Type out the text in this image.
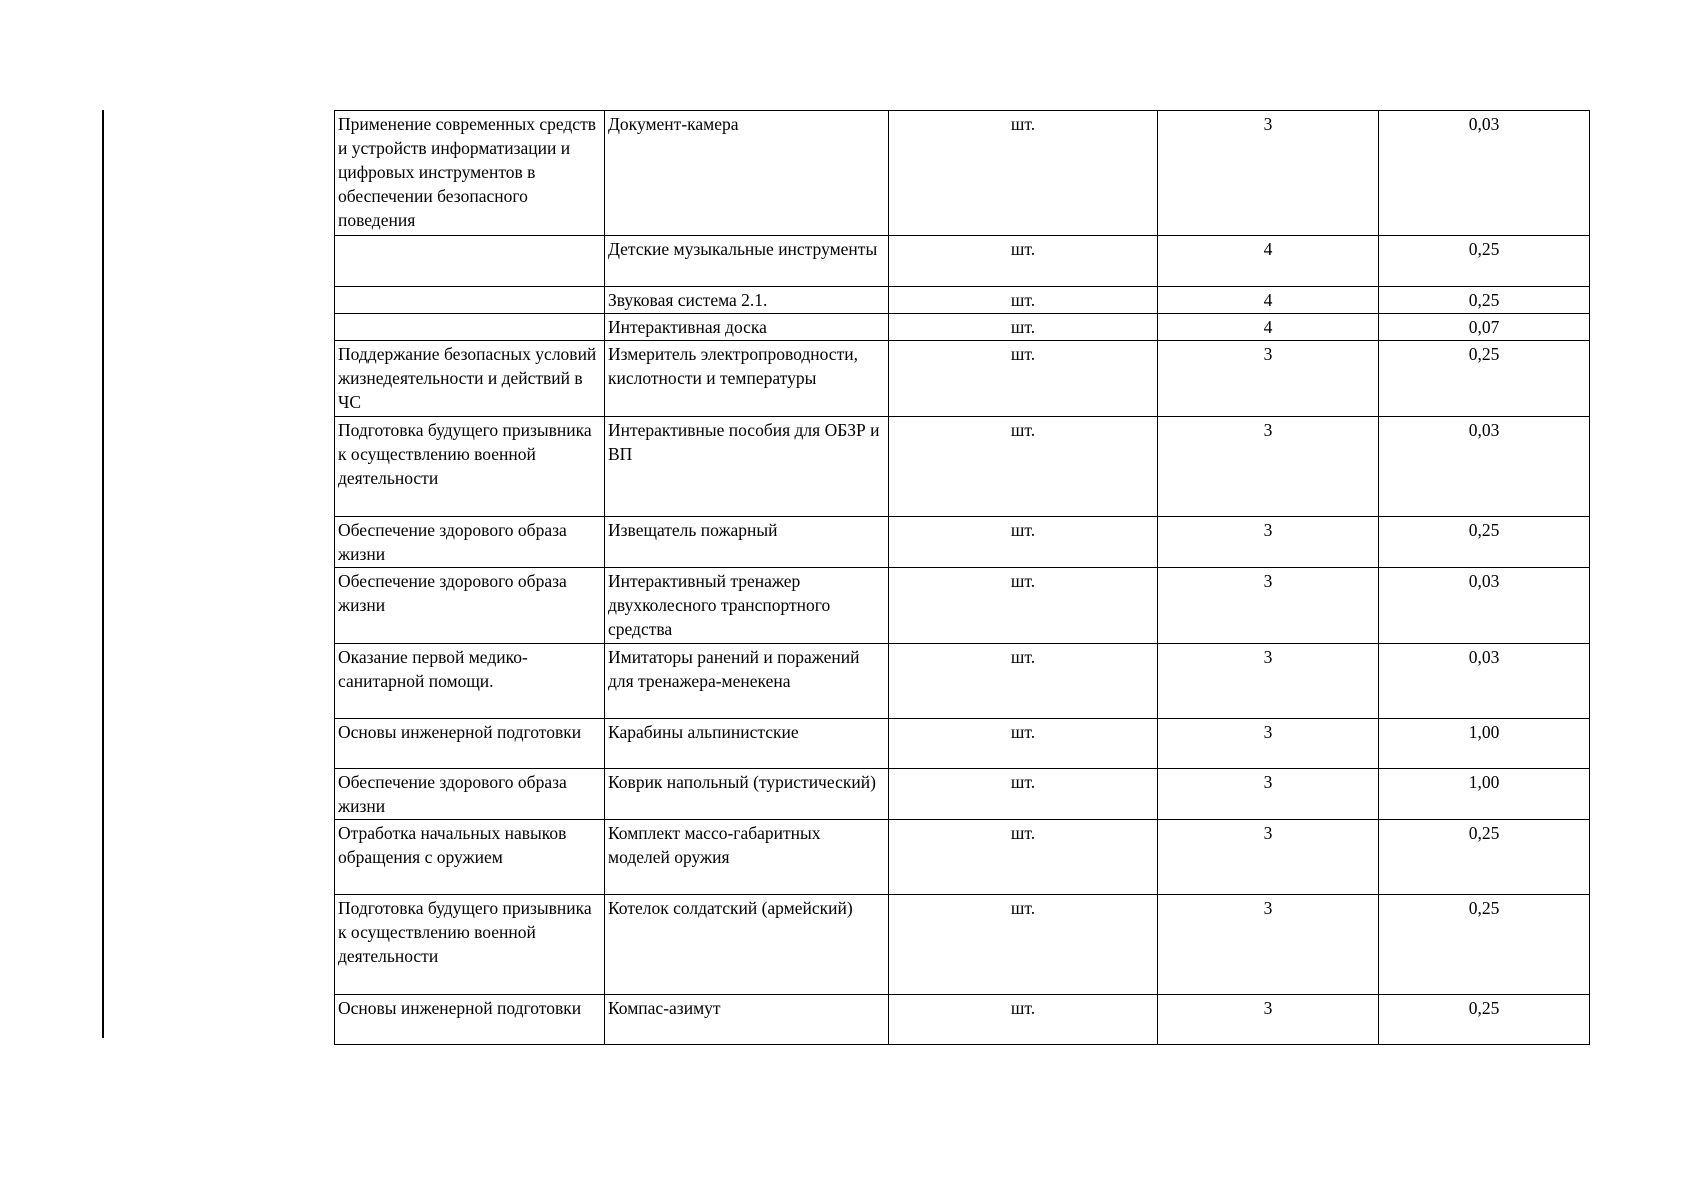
Применение современных средств и устройств информатизации и цифровых инструментов в обеспечении безопасного поведения	Документ-камера	шт.	3	0,03
	Детские музыкальные инструменты	шт.	4	0,25
	Звуковая система 2.1.	шт.	4	0,25
	Интерактивная доска	шт.	4	0,07
Поддержание безопасных условий жизнедеятельности и действий в ЧС	Измеритель электропроводности, кислотности и температуры	шт.	3	0,25
Подготовка будущего призывника к осуществлению военной деятельности	Интерактивные пособия для ОБЗР и ВП	шт.	3	0,03
Обеспечение здорового образа жизни	Извещатель пожарный	шт.	3	0,25
Обеспечение здорового образа жизни	Интерактивный тренажер двухколесного транспортного средства	шт.	3	0,03
Оказание первой медико-санитарной помощи.	Имитаторы ранений и поражений для тренажера-менекена	шт.	3	0,03
Основы инженерной подготовки	Карабины альпинистские	шт.	3	1,00
Обеспечение здорового образа жизни	Коврик напольный (туристический)	шт.	3	1,00
Отработка начальных навыков обращения с оружием	Комплект массо-габаритных моделей оружия	шт.	3	0,25
Подготовка будущего призывника к осуществлению военной деятельности	Котелок солдатский (армейский)	шт.	3	0,25
Основы инженерной подготовки	Компас-азимут	шт.	3	0,25
